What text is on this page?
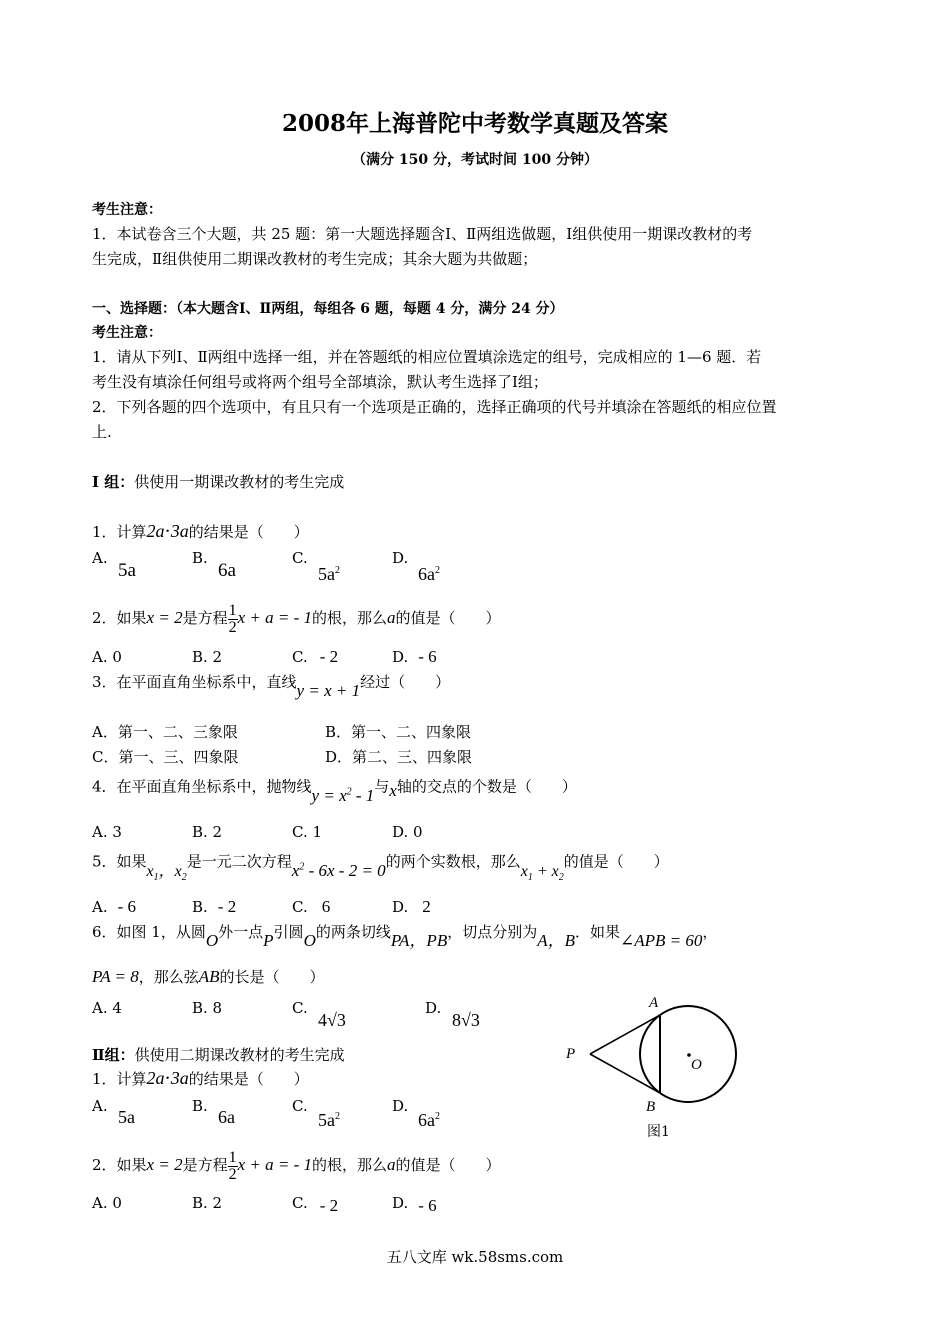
2008年上海普陀中考数学真题及答案
（满分 150 分，考试时间 100 分钟）
考生注意：
1．本试卷含三个大题，共 25 题：第一大题选择题含Ⅰ、Ⅱ两组选做题，Ⅰ组供使用一期课改教材的考
生完成，Ⅱ组供使用二期课改教材的考生完成；其余大题为共做题；
一、选择题：（本大题含Ⅰ、Ⅱ两组，每组各 6 题，每题 4 分，满分 24 分）
考生注意：
1．请从下列Ⅰ、Ⅱ两组中选择一组，并在答题纸的相应位置填涂选定的组号，完成相应的 1—6 题．若
考生没有填涂任何组号或将两个组号全部填涂，默认考生选择了Ⅰ组；
2．下列各题的四个选项中，有且只有一个选项是正确的，选择正确项的代号并填涂在答题纸的相应位置
上.
Ⅰ 组：供使用一期课改教材的考生完成
1．计算2a⋅3a的结果是（　　）
A.
5a
B.
6a
C.
$5a^2$
D.
$6a^2$
2．如果x = 2是方程 $\frac{1}{2}$ x + a = - 1的根，那么a的值是（　　）
A. 0	B. 2	C. - 2	D. - 6
3．在平面直角坐标系中，直线y = x + 1经过（　　）
A．第一、二、三象限	B．第一、二、四象限
C．第一、三、四象限	D．第二、三、四象限
4．在平面直角坐标系中，抛物线$y = x^2 - 1$与x轴的交点的个数是（　　）
A. 3	B. 2	C. 1	D. 0
5．如果$x_1$，$x_2$是一元二次方程$x^2 - 6x - 2 = 0$的两个实数根，那么$x_1 + x_2$的值是（　　）
A. - 6	B. - 2	C. 6	D. 2
6．如图 1，从圆O外一点P引圆O的两条切线PA，PB，切点分别为A，B．如果∠APB = 60，
PA = 8，那么弦AB的长是（　　）
A. 4	B. 8	C.
4√3
D.
8√3
A
B
P
O
图1
Ⅱ组：供使用二期课改教材的考生完成
1．计算2a⋅3a的结果是（　　）
A.
5a
B.
6a
C.
$5a^2$
D.
$6a^2$
2．如果x = 2是方程 $\frac{1}{2}$ x + a = - 1的根，那么a的值是（　　）
A. 0	B. 2	C. - 2	D. - 6
五八文库 wk.58sms.com
